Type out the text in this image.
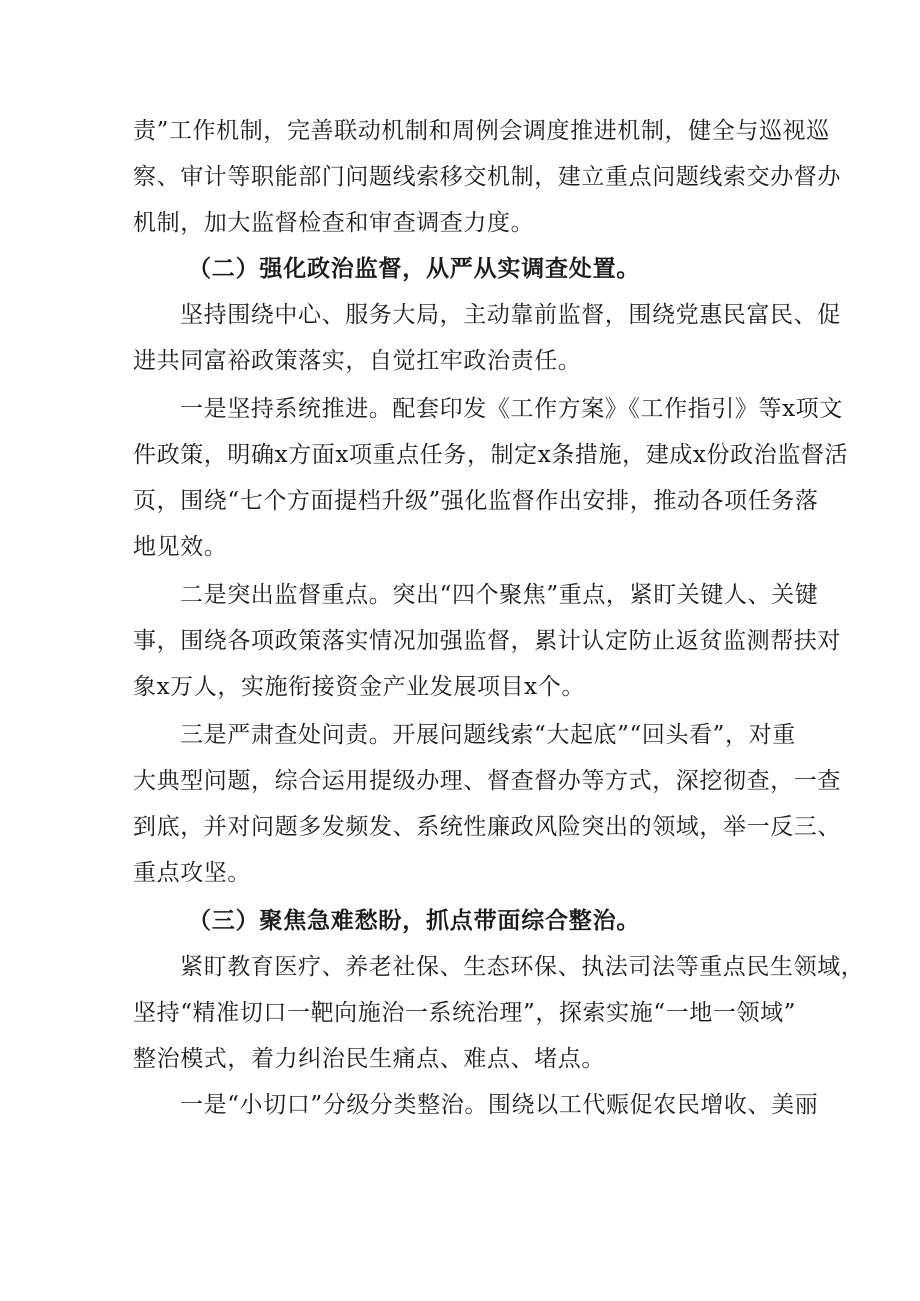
责”工作机制，完善联动机制和周例会调度推进机制，健全与巡视巡
察、审计等职能部门问题线索移交机制，建立重点问题线索交办督办
机制，加大监督检查和审查调查力度。
（二）强化政治监督，从严从实调查处置。
坚持围绕中心、服务大局，主动靠前监督，围绕党惠民富民、促
进共同富裕政策落实，自觉扛牢政治责任。
一是坚持系统推进。配套印发《工作方案》《工作指引》等x项文
件政策，明确x方面x项重点任务，制定x条措施，建成x份政治监督活
页，围绕“七个方面提档升级”强化监督作出安排，推动各项任务落
地见效。
二是突出监督重点。突出“四个聚焦”重点，紧盯关键人、关键
事，围绕各项政策落实情况加强监督，累计认定防止返贫监测帮扶对
象x万人，实施衔接资金产业发展项目x个。
三是严肃查处问责。开展问题线索“大起底”“回头看”，对重
大典型问题，综合运用提级办理、督查督办等方式，深挖彻查，一查
到底，并对问题多发频发、系统性廉政风险突出的领域，举一反三、
重点攻坚。
（三）聚焦急难愁盼，抓点带面综合整治。
紧盯教育医疗、养老社保、生态环保、执法司法等重点民生领域，
坚持“精准切口一靶向施治一系统治理”，探索实施“一地一领域”
整治模式，着力纠治民生痛点、难点、堵点。
一是“小切口”分级分类整治。围绕以工代赈促农民增收、美丽
